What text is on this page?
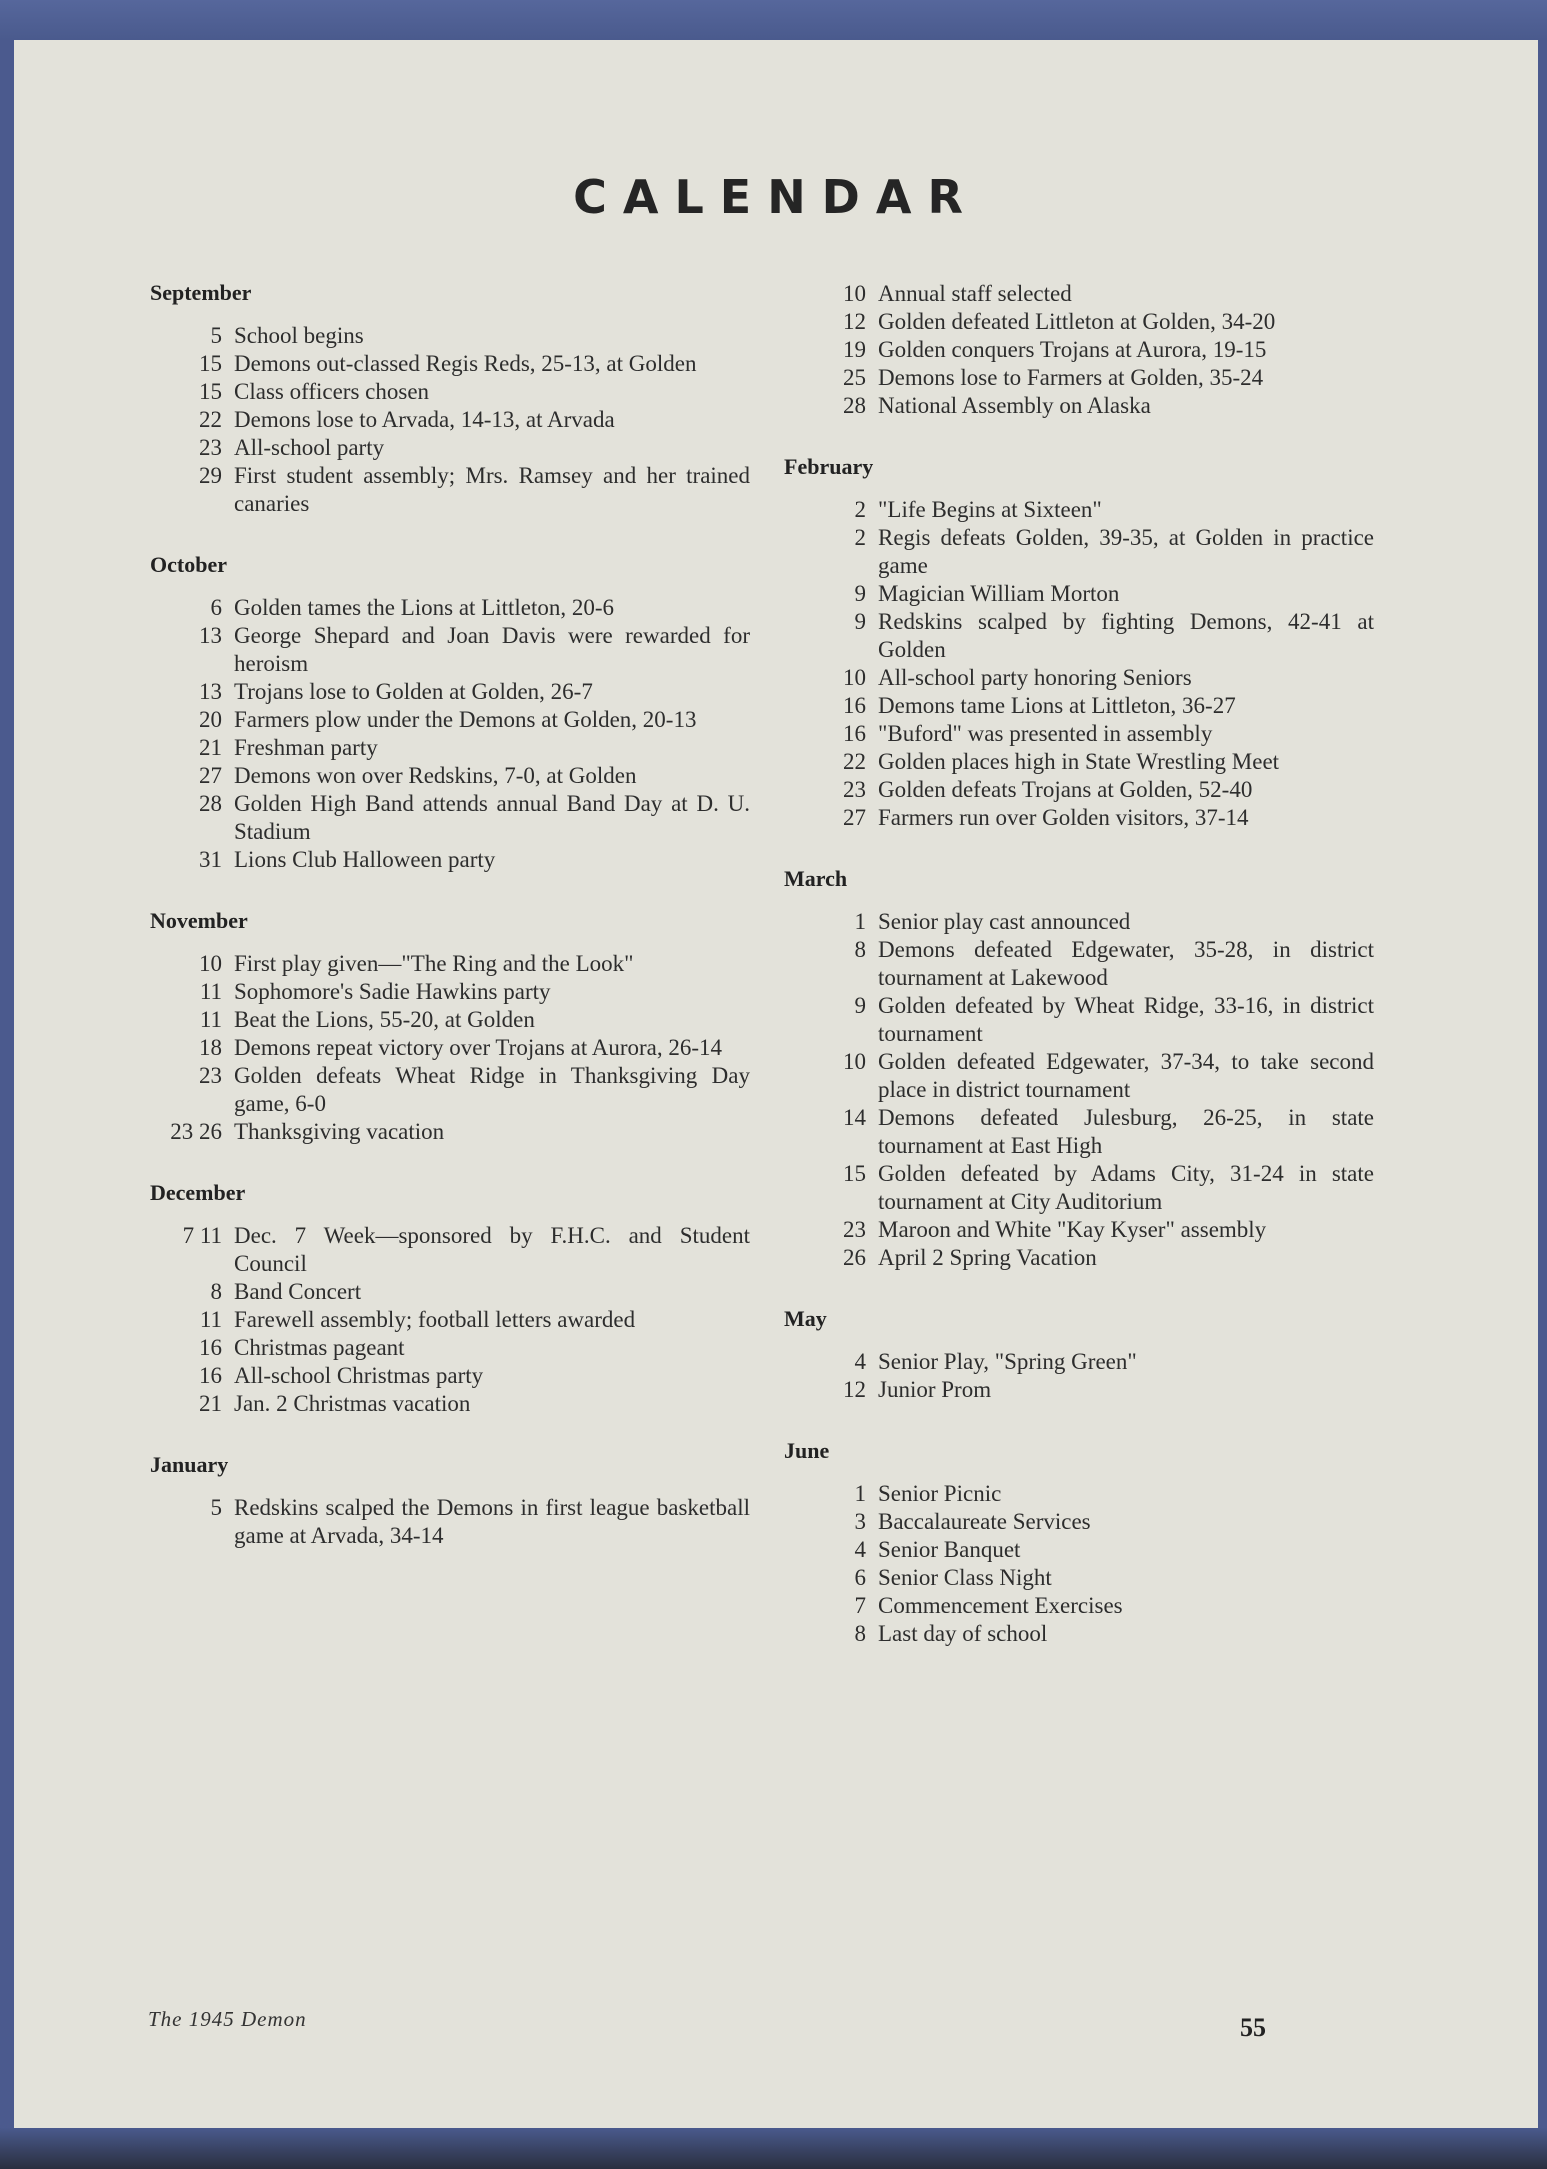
CALENDAR
September
5 School begins
15 Demons out-classed Regis Reds, 25-13, at Golden
15 Class officers chosen
22 Demons lose to Arvada, 14-13, at Arvada
23 All-school party
29 First student assembly; Mrs. Ramsey and her trained canaries
October
6 Golden tames the Lions at Littleton, 20-6
13 George Shepard and Joan Davis were rewarded for heroism
13 Trojans lose to Golden at Golden, 26-7
20 Farmers plow under the Demons at Golden, 20-13
21 Freshman party
27 Demons won over Redskins, 7-0, at Golden
28 Golden High Band attends annual Band Day at D. U. Stadium
31 Lions Club Halloween party
November
10 First play given—"The Ring and the Look"
11 Sophomore's Sadie Hawkins party
11 Beat the Lions, 55-20, at Golden
18 Demons repeat victory over Trojans at Aurora, 26-14
23 Golden defeats Wheat Ridge in Thanksgiving Day game, 6-0
23 26 Thanksgiving vacation
December
7 11 Dec. 7 Week—sponsored by F.H.C. and Student Council
8 Band Concert
11 Farewell assembly; football letters awarded
16 Christmas pageant
16 All-school Christmas party
21 Jan. 2 Christmas vacation
January
5 Redskins scalped the Demons in first league basketball game at Arvada, 34-14
10 Annual staff selected
12 Golden defeated Littleton at Golden, 34-20
19 Golden conquers Trojans at Aurora, 19-15
25 Demons lose to Farmers at Golden, 35-24
28 National Assembly on Alaska
February
2 "Life Begins at Sixteen"
2 Regis defeats Golden, 39-35, at Golden in practice game
9 Magician William Morton
9 Redskins scalped by fighting Demons, 42-41 at Golden
10 All-school party honoring Seniors
16 Demons tame Lions at Littleton, 36-27
16 "Buford" was presented in assembly
22 Golden places high in State Wrestling Meet
23 Golden defeats Trojans at Golden, 52-40
27 Farmers run over Golden visitors, 37-14
March
1 Senior play cast announced
8 Demons defeated Edgewater, 35-28, in district tournament at Lakewood
9 Golden defeated by Wheat Ridge, 33-16, in district tournament
10 Golden defeated Edgewater, 37-34, to take second place in district tournament
14 Demons defeated Julesburg, 26-25, in state tournament at East High
15 Golden defeated by Adams City, 31-24 in state tournament at City Auditorium
23 Maroon and White "Kay Kyser" assembly
26 April 2 Spring Vacation
May
4 Senior Play, "Spring Green"
12 Junior Prom
June
1 Senior Picnic
3 Baccalaureate Services
4 Senior Banquet
6 Senior Class Night
7 Commencement Exercises
8 Last day of school
The 1945 Demon	55
